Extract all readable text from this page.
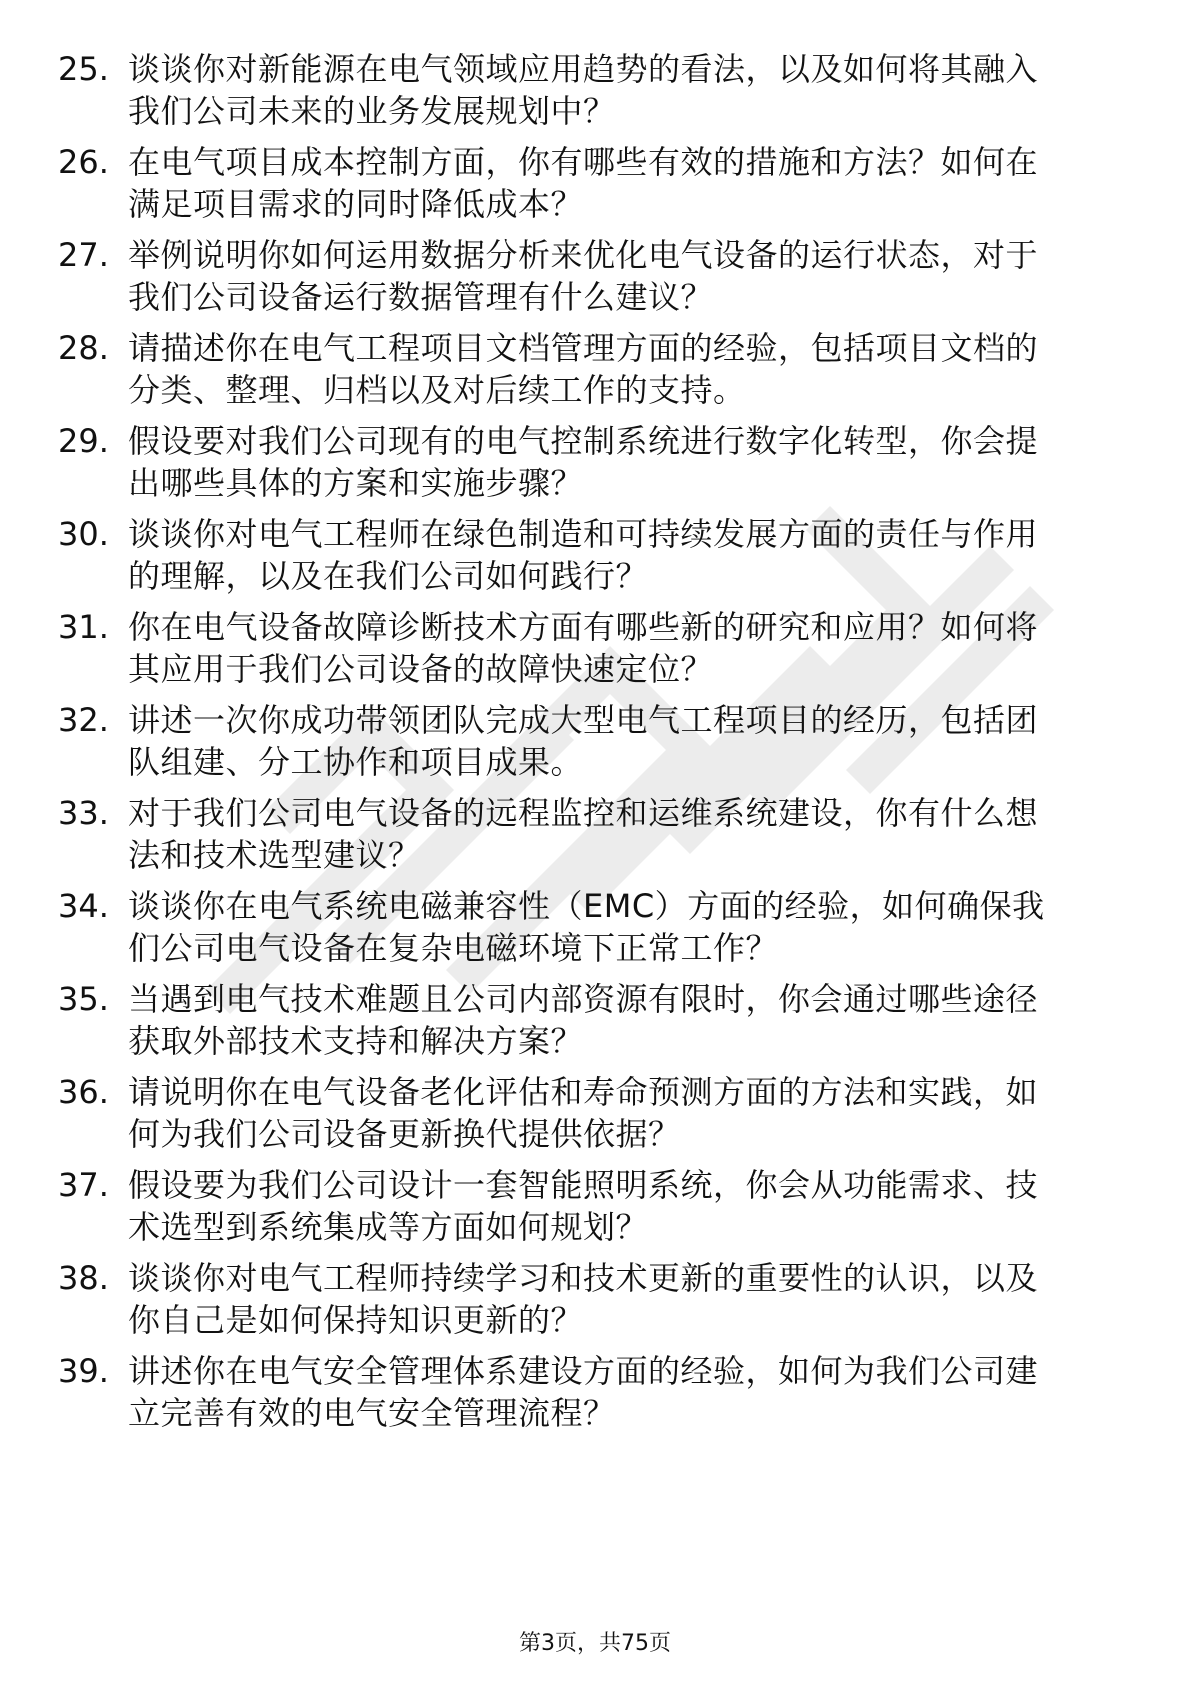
25. 谈谈你对新能源在电气领域应用趋势的看法，以及如何将其融入
我们公司未来的业务发展规划中？
26. 在电气项目成本控制方面，你有哪些有效的措施和方法？如何在
满足项目需求的同时降低成本？
27. 举例说明你如何运用数据分析来优化电气设备的运行状态，对于
我们公司设备运行数据管理有什么建议？
28. 请描述你在电气工程项目文档管理方面的经验，包括项目文档的
分类、整理、归档以及对后续工作的支持。
29. 假设要对我们公司现有的电气控制系统进行数字化转型，你会提
出哪些具体的方案和实施步骤？
30. 谈谈你对电气工程师在绿色制造和可持续发展方面的责任与作用
的理解，以及在我们公司如何践行？
31. 你在电气设备故障诊断技术方面有哪些新的研究和应用？如何将
其应用于我们公司设备的故障快速定位？
32. 讲述一次你成功带领团队完成大型电气工程项目的经历，包括团
队组建、分工协作和项目成果。
33. 对于我们公司电气设备的远程监控和运维系统建设，你有什么想
法和技术选型建议？
34. 谈谈你在电气系统电磁兼容性（EMC）方面的经验，如何确保我
们公司电气设备在复杂电磁环境下正常工作？
35. 当遇到电气技术难题且公司内部资源有限时，你会通过哪些途径
获取外部技术支持和解决方案？
36. 请说明你在电气设备老化评估和寿命预测方面的方法和实践，如
何为我们公司设备更新换代提供依据？
37. 假设要为我们公司设计一套智能照明系统，你会从功能需求、技
术选型到系统集成等方面如何规划？
38. 谈谈你对电气工程师持续学习和技术更新的重要性的认识，以及
你自己是如何保持知识更新的？
39. 讲述你在电气安全管理体系建设方面的经验，如何为我们公司建
立完善有效的电气安全管理流程？
第3页，共75页
